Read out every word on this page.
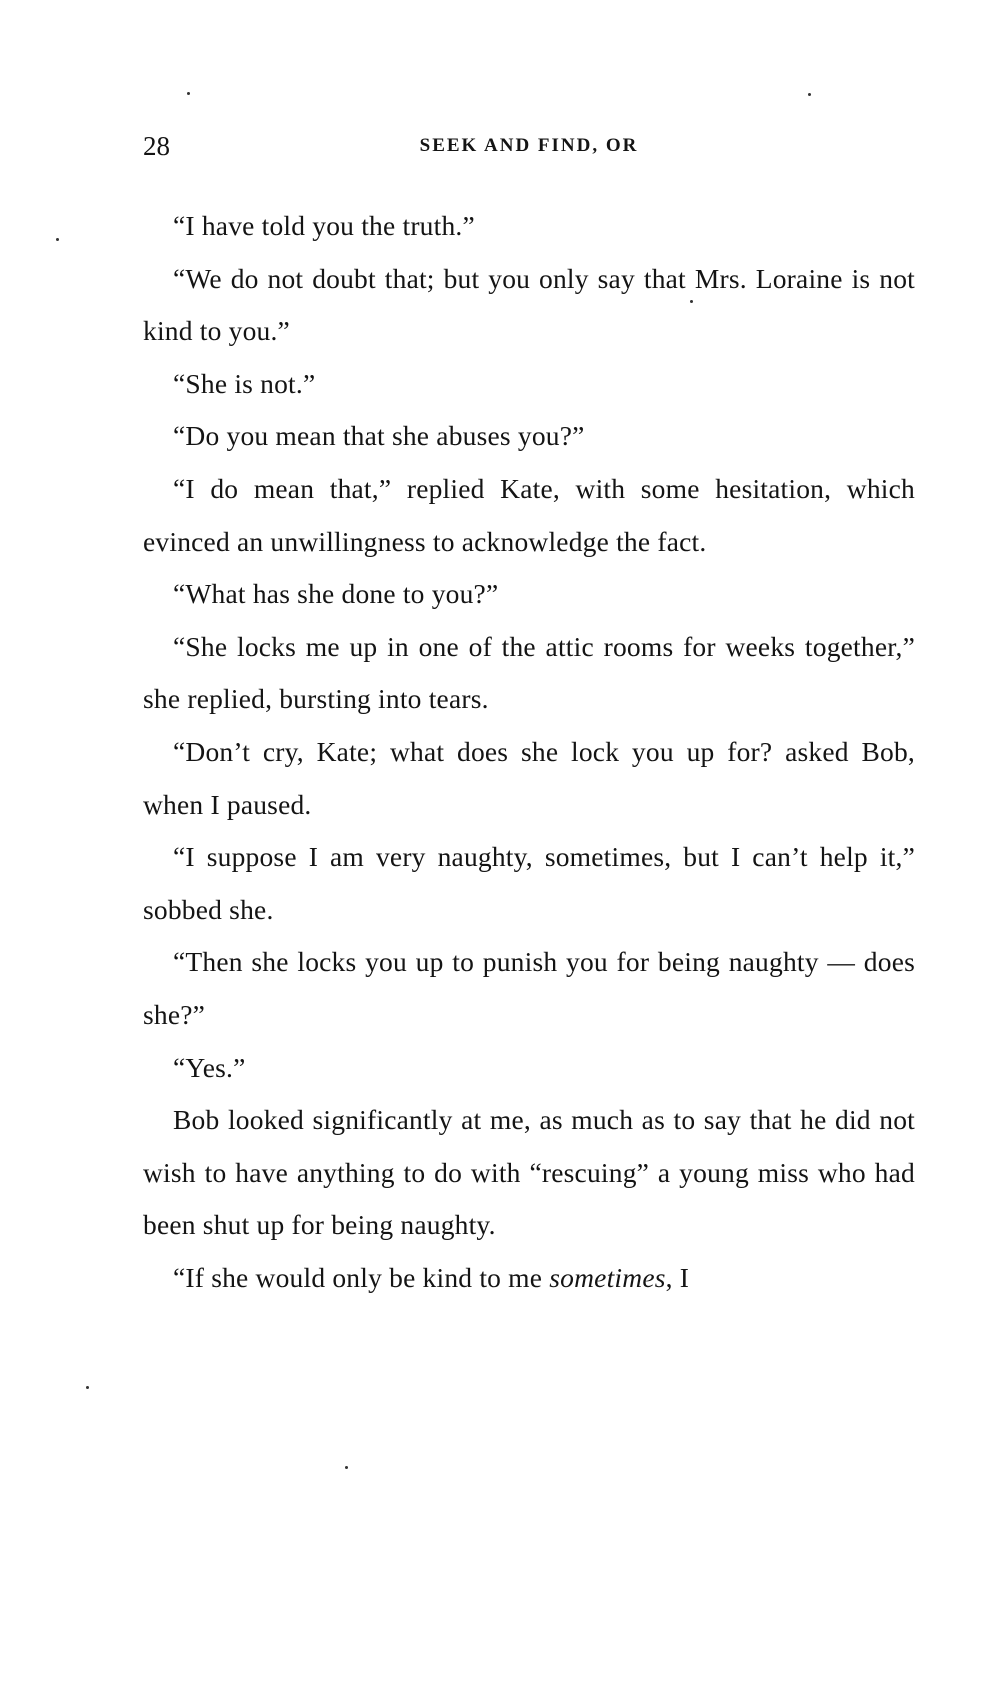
28	SEEK AND FIND, OR

“I have told you the truth.”

“We do not doubt that; but you only say that Mrs. Loraine is not kind to you.”

“She is not.”

“Do you mean that she abuses you?”

“I do mean that,” replied Kate, with some hesitation, which evinced an unwillingness to acknowledge the fact.

“What has she done to you?”

“She locks me up in one of the attic rooms for weeks together,” she replied, bursting into tears.

“Don’t cry, Kate; what does she lock you up for? asked Bob, when I paused.

“I suppose I am very naughty, sometimes, but I can’t help it,” sobbed she.

“Then she locks you up to punish you for being naughty — does she?”

“Yes.”

Bob looked significantly at me, as much as to say that he did not wish to have anything to do with “rescuing” a young miss who had been shut up for being naughty.

“If she would only be kind to me sometimes, I
